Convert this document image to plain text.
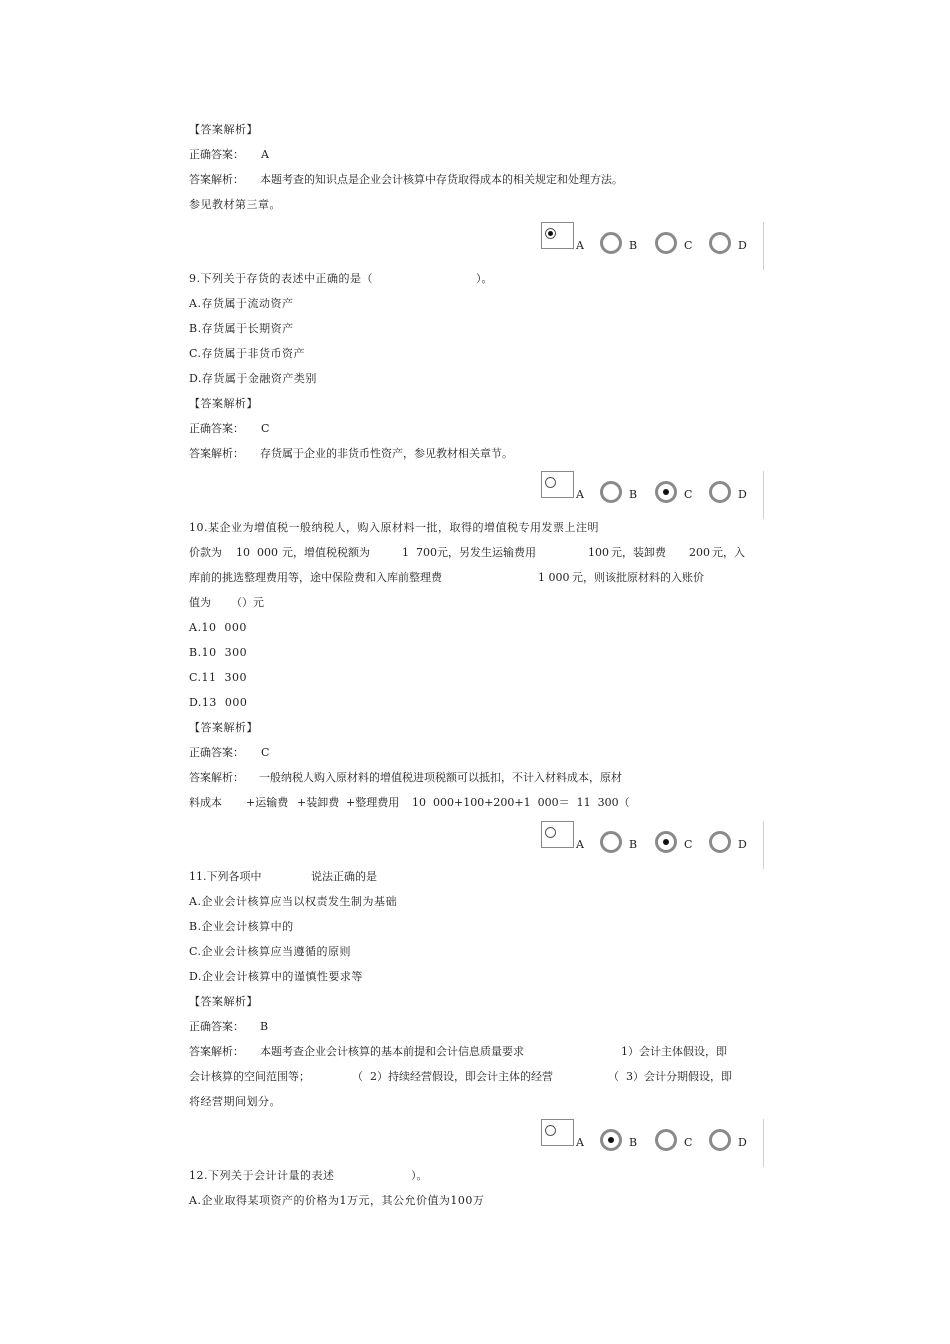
【答案解析】
正确答案： A
答案解析： 本题考查的知识点是企业会计核算中存货取得成本的相关规定和处理方法。
参见教材第三章。
A	B	C	D
9.下列关于存货的表述中正确的是（	）。
A.存货属于流动资产
B.存货属于长期资产
C.存货属于非货币资产
D.存货属于金融资产类别
【答案解析】
正确答案： C
答案解析： 存货属于企业的非货币性资产，参见教材相关章节。
A	B	C	D
10.某企业为增值税一般纳税人，购入原材料一批，取得的增值税专用发票上注明
价款为 10  000 元，增值税税额为	1  700 元，另发生运输费用	100 元，装卸费 200 元，入
库前的挑选整理费用等，途中保险费和入库前整理费	1 000 元，则该批原材料的入账价
值为 （）元
A.10  000
B.10  300
C.11  300
D.13  000
【答案解析】
正确答案： C
答案解析： 一般纳税人购入原材料的增值税进项税额可以抵扣，不计入材料成本，原材
料成本 +运输费 +装卸费 +整理费用 10  000+100+200+1  000＝  11  300（
A	B	C	D
11.下列各项中	说法正确的是
A.企业会计核算应当以权责发生制为基础
B.企业会计核算中的
C.企业会计核算应当遵循的原则
D.企业会计核算中的谨慎性要求等
【答案解析】
正确答案： B
答案解析： 本题考查企业会计核算的基本前提和会计信息质量要求	1）会计主体假设，即
会计核算的空间范围等；	（  2）持续经营假设，即会计主体的经营	（  3）会计分期假设，即
将经营期间划分。
A	B	C	D
12.下列关于会计计量的表述	）。
A.企业取得某项资产的价格为1万元，其公允价值为100万
